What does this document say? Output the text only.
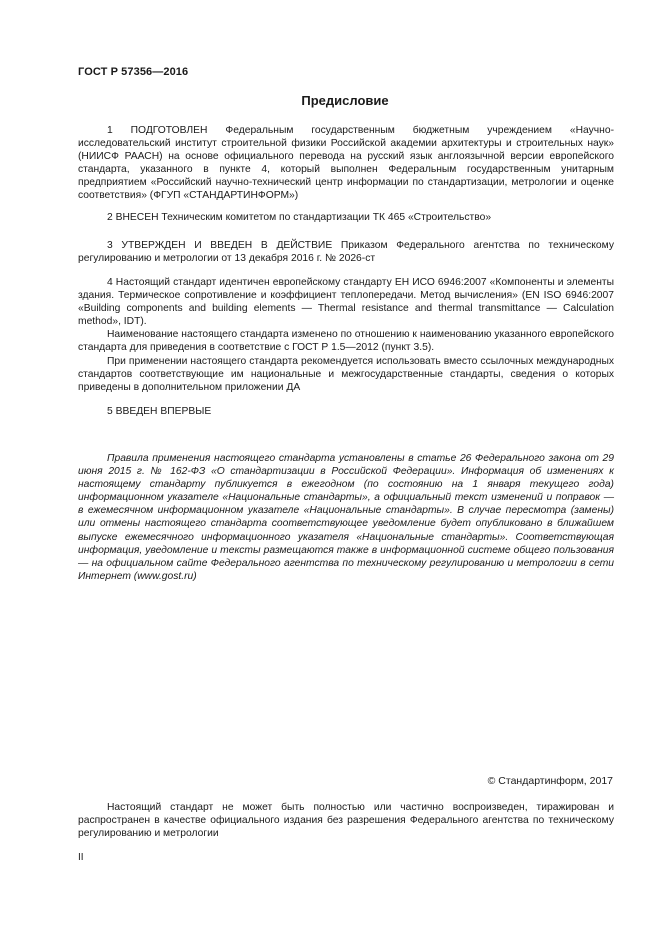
ГОСТ Р 57356—2016
Предисловие

1 ПОДГОТОВЛЕН Федеральным государственным бюджетным учреждением «Научно-исследовательский институт строительной физики Российской академии архитектуры и строительных наук» (НИИСФ РААСН) на основе официального перевода на русский язык англоязычной версии европейского стандарта, указанного в пункте 4, который выполнен Федеральным государственным унитарным предприятием «Российский научно-технический центр информации по стандартизации, метрологии и оценке соответствия» (ФГУП «СТАНДАРТИНФОРМ»)

2 ВНЕСЕН Техническим комитетом по стандартизации ТК 465 «Строительство»

3 УТВЕРЖДЕН И ВВЕДЕН В ДЕЙСТВИЕ Приказом Федерального агентства по техническому регулированию и метрологии от 13 декабря 2016 г. № 2026-ст

4 Настоящий стандарт идентичен европейскому стандарту ЕН ИСО 6946:2007 «Компоненты и элементы здания. Термическое сопротивление и коэффициент теплопередачи. Метод вычисления» (EN ISO 6946:2007 «Building components and building elements — Thermal resistance and thermal transmittance — Calculation method», IDT).

Наименование настоящего стандарта изменено по отношению к наименованию указанного европейского стандарта для приведения в соответствие с ГОСТ Р 1.5—2012 (пункт 3.5).

При применении настоящего стандарта рекомендуется использовать вместо ссылочных международных стандартов соответствующие им национальные и межгосударственные стандарты, сведения о которых приведены в дополнительном приложении ДА

5 ВВЕДЕН ВПЕРВЫЕ

Правила применения настоящего стандарта установлены в статье 26 Федерального закона от 29 июня 2015 г. № 162-ФЗ «О стандартизации в Российской Федерации». Информация об изменениях к настоящему стандарту публикуется в ежегодном (по состоянию на 1 января текущего года) информационном указателе «Национальные стандарты», а официальный текст изменений и поправок — в ежемесячном информационном указателе «Национальные стандарты». В случае пересмотра (замены) или отмены настоящего стандарта соответствующее уведомление будет опубликовано в ближайшем выпуске ежемесячного информационного указателя «Национальные стандарты». Соответствующая информация, уведомление и тексты размещаются также в информационной системе общего пользования — на официальном сайте Федерального агентства по техническому регулированию и метрологии в сети Интернет (www.gost.ru)

© Стандартинформ, 2017

Настоящий стандарт не может быть полностью или частично воспроизведен, тиражирован и распространен в качестве официального издания без разрешения Федерального агентства по техническому регулированию и метрологии

II
